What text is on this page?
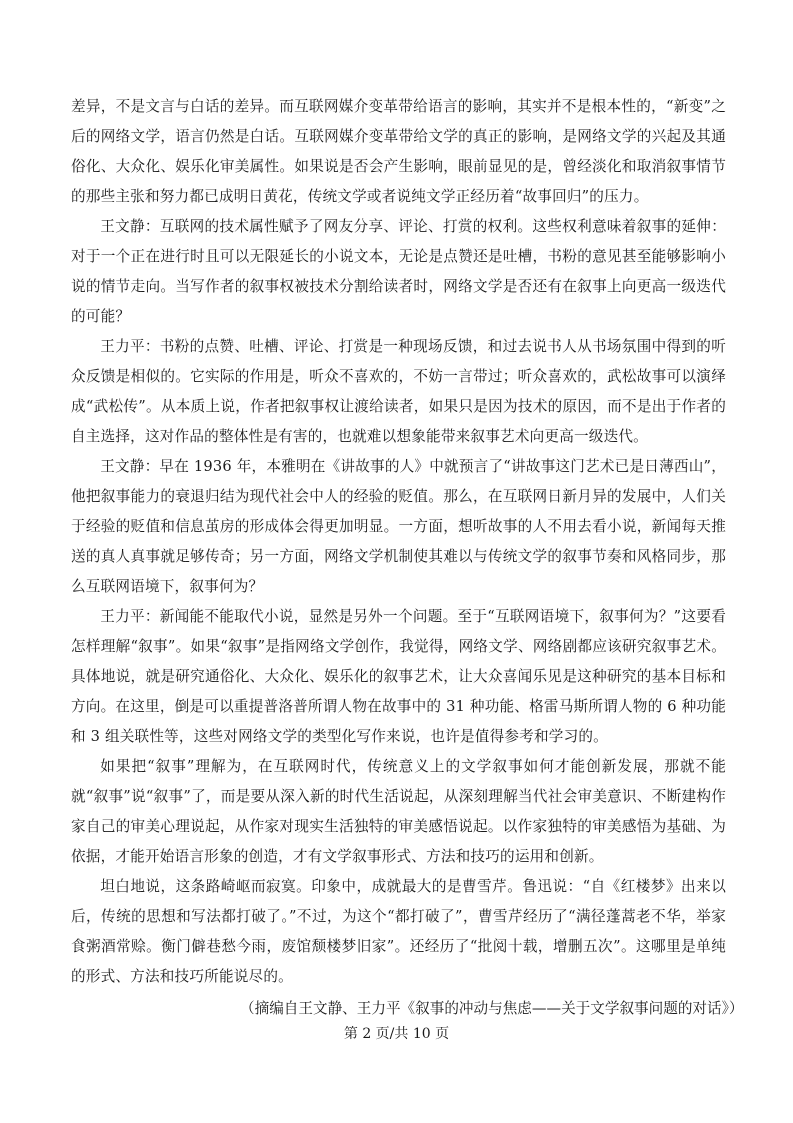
差异，不是文言与白话的差异。而互联网媒介变革带给语言的影响，其实并不是根本性的，“新变”之后的网络文学，语言仍然是白话。互联网媒介变革带给文学的真正的影响，是网络文学的兴起及其通俗化、大众化、娱乐化审美属性。如果说是否会产生影响，眼前显见的是，曾经淡化和取消叙事情节的那些主张和努力都已成明日黄花，传统文学或者说纯文学正经历着“故事回归”的压力。

王文静：互联网的技术属性赋予了网友分享、评论、打赏的权利。这些权利意味着叙事的延伸：对于一个正在进行时且可以无限延长的小说文本，无论是点赞还是吐槽，书粉的意见甚至能够影响小说的情节走向。当写作者的叙事权被技术分割给读者时，网络文学是否还有在叙事上向更高一级迭代的可能？

王力平：书粉的点赞、吐槽、评论、打赏是一种现场反馈，和过去说书人从书场氛围中得到的听众反馈是相似的。它实际的作用是，听众不喜欢的，不妨一言带过；听众喜欢的，武松故事可以演绎成“武松传”。从本质上说，作者把叙事权让渡给读者，如果只是因为技术的原因，而不是出于作者的自主选择，这对作品的整体性是有害的，也就难以想象能带来叙事艺术向更高一级迭代。

王文静：早在 1936 年，本雅明在《讲故事的人》中就预言了“讲故事这门艺术已是日薄西山”，他把叙事能力的衰退归结为现代社会中人的经验的贬值。那么，在互联网日新月异的发展中，人们关于经验的贬值和信息茧房的形成体会得更加明显。一方面，想听故事的人不用去看小说，新闻每天推送的真人真事就足够传奇；另一方面，网络文学机制使其难以与传统文学的叙事节奏和风格同步，那么互联网语境下，叙事何为？

王力平：新闻能不能取代小说，显然是另外一个问题。至于“互联网语境下，叙事何为？”这要看怎样理解“叙事”。如果“叙事”是指网络文学创作，我觉得，网络文学、网络剧都应该研究叙事艺术。具体地说，就是研究通俗化、大众化、娱乐化的叙事艺术，让大众喜闻乐见是这种研究的基本目标和方向。在这里，倒是可以重提普洛普所谓人物在故事中的 31 种功能、格雷马斯所谓人物的 6 种功能和 3 组关联性等，这些对网络文学的类型化写作来说，也许是值得参考和学习的。

如果把“叙事”理解为，在互联网时代，传统意义上的文学叙事如何才能创新发展，那就不能就“叙事”说“叙事”了，而是要从深入新的时代生活说起，从深刻理解当代社会审美意识、不断建构作家自己的审美心理说起，从作家对现实生活独特的审美感悟说起。以作家独特的审美感悟为基础、为依据，才能开始语言形象的创造，才有文学叙事形式、方法和技巧的运用和创新。

坦白地说，这条路崎岖而寂寞。印象中，成就最大的是曹雪芹。鲁迅说：“自《红楼梦》出来以后，传统的思想和写法都打破了。”不过，为这个“都打破了”，曹雪芹经历了“满径蓬蒿老不华，举家食粥酒常赊。衡门僻巷愁今雨，废馆颓楼梦旧家”。还经历了“批阅十载，增删五次”。这哪里是单纯的形式、方法和技巧所能说尽的。

（摘编自王文静、王力平《叙事的冲动与焦虑——关于文学叙事问题的对话》）
第 2 页/共 10 页
